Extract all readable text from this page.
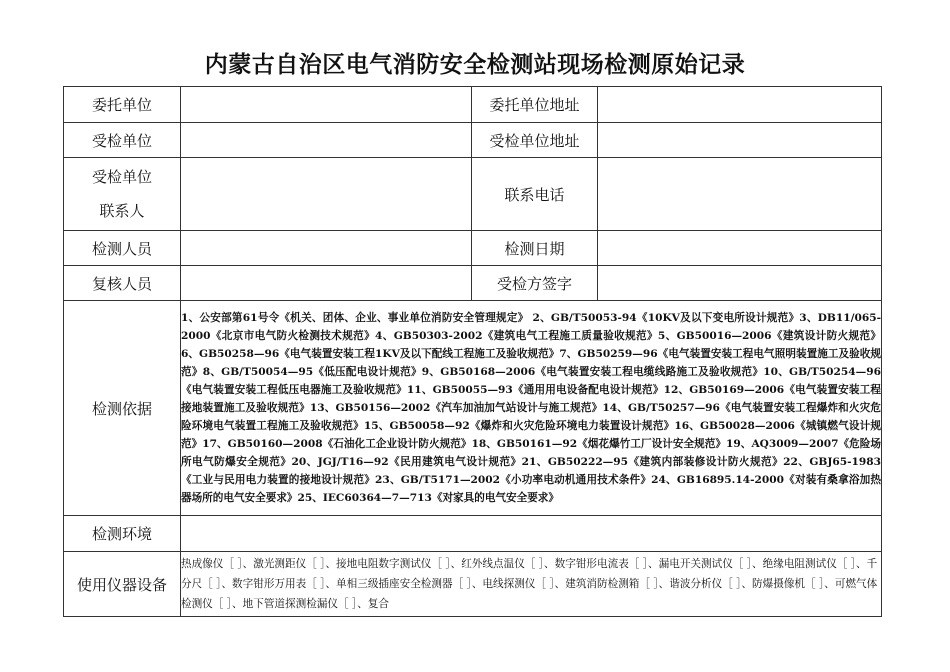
内蒙古自治区电气消防安全检测站现场检测原始记录
委托单位		委托单位地址	
受检单位		受检单位地址	

受检单位
联系人		联系电话	
检测人员		检测日期	
复核人员		受检方签字	
检测依据	1、公安部第61号令《机关、团体、企业、事业单位消防安全管理规定》 2、GB/T50053-94《10KV及以下变电所设计规范》3、DB11/065-2000《北京市电气防火检测技术规范》4、GB50303-2002《建筑电气工程施工质量验收规范》5、GB50016—2006《建筑设计防火规范》6、GB50258—96《电气装置安装工程1KV及以下配线工程施工及验收规范》7、GB50259—96《电气装置安装工程电气照明装置施工及验收规范》8、GB/T50054—95《低压配电设计规范》9、GB50168—2006《电气装置安装工程电缆线路施工及验收规范》10、GB/T50254—96《电气装置安装工程低压电器施工及验收规范》11、GB50055—93《通用用电设备配电设计规范》12、GB50169—2006《电气装置安装工程接地装置施工及验收规范》13、GB50156—2002《汽车加油加气站设计与施工规范》14、GB/T50257—96《电气装置安装工程爆炸和火灾危险环境电气装置工程施工及验收规范》15、GB50058—92《爆炸和火灾危险环境电力装置设计规范》16、GB50028—2006《城镇燃气设计规范》17、GB50160—2008《石油化工企业设计防火规范》18、GB50161—92《烟花爆竹工厂设计安全规范》19、AQ3009—2007《危险场所电气防爆安全规范》20、JGJ/T16—92《民用建筑电气设计规范》21、GB50222—95《建筑内部装修设计防火规范》22、GBJ65-1983《工业与民用电力装置的接地设计规范》23、GB/T5171—2002《小功率电动机通用技术条件》24、GB16895.14-2000《对装有桑拿浴加热器场所的电气安全要求》25、IEC60364—7—713《对家具的电气安全要求》		

检测环境			
使用仪器设备	热成像仪［ ］、激光测距仪［ ］、接地电阻数字测试仪［ ］、红外线点温仪［ ］、数字钳形电流表［ ］、漏电开关测试仪［ ］、绝缘电阻测试仪［ ］、千分尺［ ］、数字钳形万用表［ ］、单相三级插座安全检测器［ ］、电线探测仪［ ］、建筑消防检测箱［ ］、谐波分析仪［ ］、防爆摄像机［ ］、可燃气体检测仪［ ］、地下管道探测检漏仪［ ］、复合		
